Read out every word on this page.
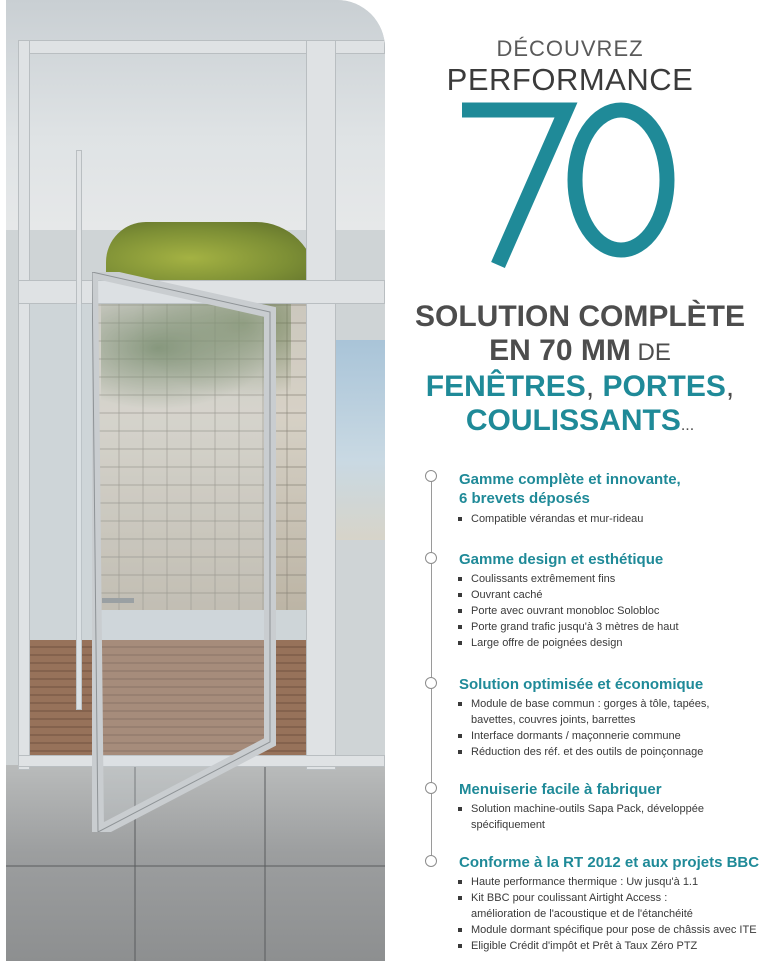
DÉCOUVREZ
PERFORMANCE
70
SOLUTION COMPLÈTE
EN 70 MM DE
FENÊTRES, PORTES,
COULISSANTS...
Gamme complète et innovante,
6 brevets déposés
Compatible vérandas et mur-rideau
Gamme design et esthétique
Coulissants extrêmement fins
Ouvrant caché
Porte avec ouvrant monobloc Solobloc
Porte grand trafic jusqu'à 3 mètres de haut
Large offre de poignées design
Solution optimisée et économique
Module de base commun : gorges à tôle, tapées,
bavettes, couvres joints, barrettes
Interface dormants / maçonnerie commune
Réduction des réf. et des outils de poinçonnage
Menuiserie facile à fabriquer
Solution machine-outils Sapa Pack, développée
spécifiquement
Conforme à la RT 2012 et aux projets BBC
Haute performance thermique : Uw jusqu'à 1.1
Kit BBC pour coulissant Airtight Access :
amélioration de l'acoustique et de l'étanchéité
Module dormant spécifique pour pose de châssis avec ITE
Eligible Crédit d'impôt et Prêt à Taux Zéro PTZ
